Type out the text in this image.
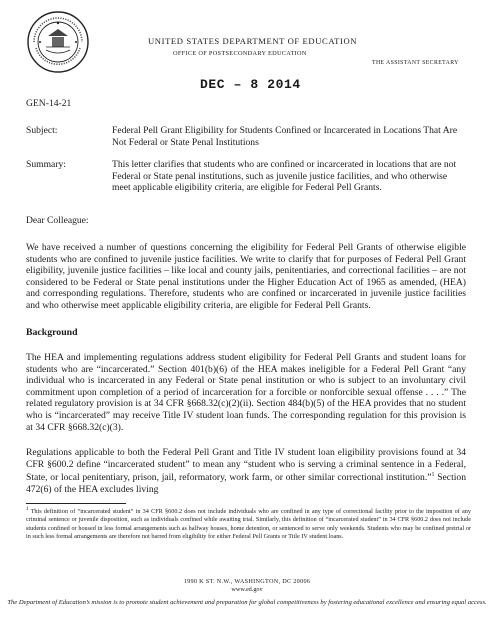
UNITED STATES DEPARTMENT OF EDUCATION
OFFICE OF POSTSECONDARY EDUCATION
THE ASSISTANT SECRETARY
DEC – 8 2014
GEN-14-21
Subject:	Federal Pell Grant Eligibility for Students Confined or Incarcerated in Locations That Are Not Federal or State Penal Institutions
Summary:	This letter clarifies that students who are confined or incarcerated in locations that are not Federal or State penal institutions, such as juvenile justice facilities, and who otherwise meet applicable eligibility criteria, are eligible for Federal Pell Grants.
Dear Colleague:
We have received a number of questions concerning the eligibility for Federal Pell Grants of otherwise eligible students who are confined to juvenile justice facilities. We write to clarify that for purposes of Federal Pell Grant eligibility, juvenile justice facilities – like local and county jails, penitentiaries, and correctional facilities – are not considered to be Federal or State penal institutions under the Higher Education Act of 1965 as amended, (HEA) and corresponding regulations. Therefore, students who are confined or incarcerated in juvenile justice facilities and who otherwise meet applicable eligibility criteria, are eligible for Federal Pell Grants.
Background
The HEA and implementing regulations address student eligibility for Federal Pell Grants and student loans for students who are “incarcerated.” Section 401(b)(6) of the HEA makes ineligible for a Federal Pell Grant “any individual who is incarcerated in any Federal or State penal institution or who is subject to an involuntary civil commitment upon completion of a period of incarceration for a forcible or nonforcible sexual offense . . . .” The related regulatory provision is at 34 CFR §668.32(c)(2)(ii). Section 484(b)(5) of the HEA provides that no student who is “incarcerated” may receive Title IV student loan funds. The corresponding regulation for this provision is at 34 CFR §668.32(c)(3).
Regulations applicable to both the Federal Pell Grant and Title IV student loan eligibility provisions found at 34 CFR §600.2 define “incarcerated student” to mean any “student who is serving a criminal sentence in a Federal, State, or local penitentiary, prison, jail, reformatory, work farm, or other similar correctional institution.”$^1$ Section 472(6) of the HEA excludes living
$^1$ This definition of “incarcerated student” in 34 CFR §600.2 does not include individuals who are confined in any type of correctional facility prior to the imposition of any criminal sentence or juvenile disposition, such as individuals confined while awaiting trial. Similarly, this definition of “incarcerated student” in 34 CFR §600.2 does not include students confined or housed in less formal arrangements such as halfway houses, home detention, or sentenced to serve only weekends. Students who may be confined pretrial or in such less formal arrangements are therefore not barred from eligibility for either Federal Pell Grants or Title IV student loans.
1990 K ST. N.W., WASHINGTON, DC 20006
www.ed.gov
The Department of Education’s mission is to promote student achievement and preparation for global competitiveness by fostering educational excellence and ensuring equal access.
